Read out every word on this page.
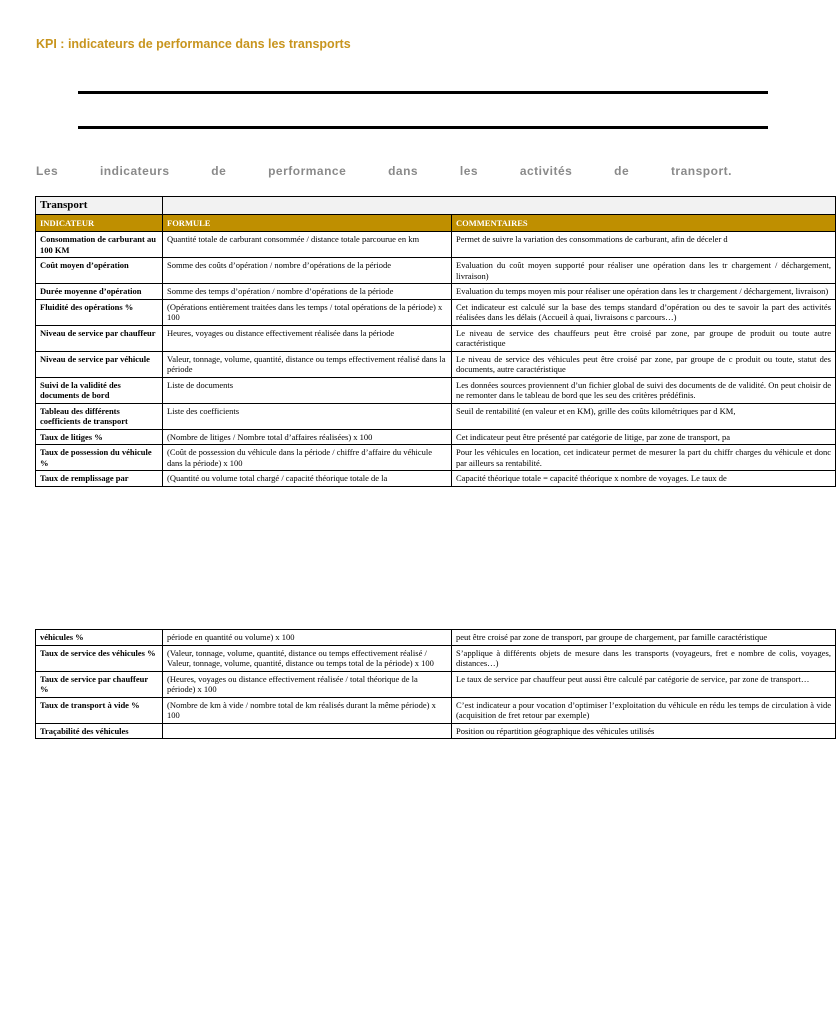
KPI : indicateurs de performance dans les transports
Les	indicateurs	de	performance	dans	les	activités	de	transport.
Transport		
INDICATEUR	FORMULE	COMMENTAIRES
Consommation de carburant au 100 KM	Quantité totale de carburant consommée / distance totale parcourue en km	Permet de suivre la variation des consommations de carburant, afin de déceler d
Coût moyen d’opération	Somme des coûts d’opération / nombre d’opérations de la période	Evaluation du coût moyen supporté pour réaliser une opération dans les tr chargement / déchargement, livraison)
Durée moyenne d’opération	Somme des temps d’opération / nombre d’opérations de la période	Evaluation du temps moyen mis pour réaliser une opération dans les tr chargement / déchargement, livraison)
Fluidité des opérations %	(Opérations entièrement traitées dans les temps / total opérations de la période) x 100	Cet indicateur est calculé sur la base des temps standard d’opération ou des te savoir la part des activités réalisées dans les délais (Accueil à quai, livraisons c parcours…)
Niveau de service par chauffeur	Heures, voyages ou distance effectivement réalisée dans la période	Le niveau de service des chauffeurs peut être croisé par zone, par groupe de produit ou toute autre caractéristique
Niveau de service par véhicule	Valeur, tonnage, volume, quantité, distance ou temps effectivement réalisé dans la période	Le niveau de service des véhicules peut être croisé par zone, par groupe de c produit ou toute, statut des documents, autre caractéristique
Suivi de la validité des documents de bord	Liste de documents	Les données sources proviennent d’un fichier global de suivi des documents de de validité. On peut choisir de ne remonter dans le tableau de bord que les seu des critères prédéfinis.
Tableau des différents coefficients de transport	Liste des coefficients	Seuil de rentabilité (en valeur et en KM), grille des coûts kilométriques par d KM,
Taux de litiges %	(Nombre de litiges / Nombre total d’affaires réalisées) x 100	Cet indicateur peut être présenté par catégorie de litige, par zone de transport, pa
Taux de possession du véhicule %	(Coût de possession du véhicule dans la période / chiffre d’affaire du véhicule dans la période) x 100	Pour les véhicules en location, cet indicateur permet de mesurer la part du chiffr charges du véhicule et donc par ailleurs sa rentabilité.
Taux de remplissage par	(Quantité ou volume total chargé / capacité théorique totale de la	Capacité théorique totale = capacité théorique x nombre de voyages. Le taux de
véhicules %	période en quantité ou volume) x 100	peut être croisé par zone de transport, par groupe de chargement, par famille caractéristique
Taux de service des véhicules %	(Valeur, tonnage, volume, quantité, distance ou temps effectivement réalisé / Valeur, tonnage, volume, quantité, distance ou temps total de la période) x 100	S’applique à différents objets de mesure dans les transports (voyageurs, fret e nombre de colis, voyages, distances…)
Taux de service par chauffeur %	(Heures, voyages ou distance effectivement réalisée / total théorique de la période) x 100	Le taux de service par chauffeur peut aussi être calculé par catégorie de service, par zone de transport…
Taux de transport à vide %	(Nombre de km à vide / nombre total de km réalisés durant la même période) x 100	C’est indicateur a pour vocation d’optimiser l’exploitation du véhicule en rédu les temps de circulation à vide (acquisition de fret retour par exemple)
Traçabilité des véhicules		Position ou répartition géographique des véhicules utilisés
